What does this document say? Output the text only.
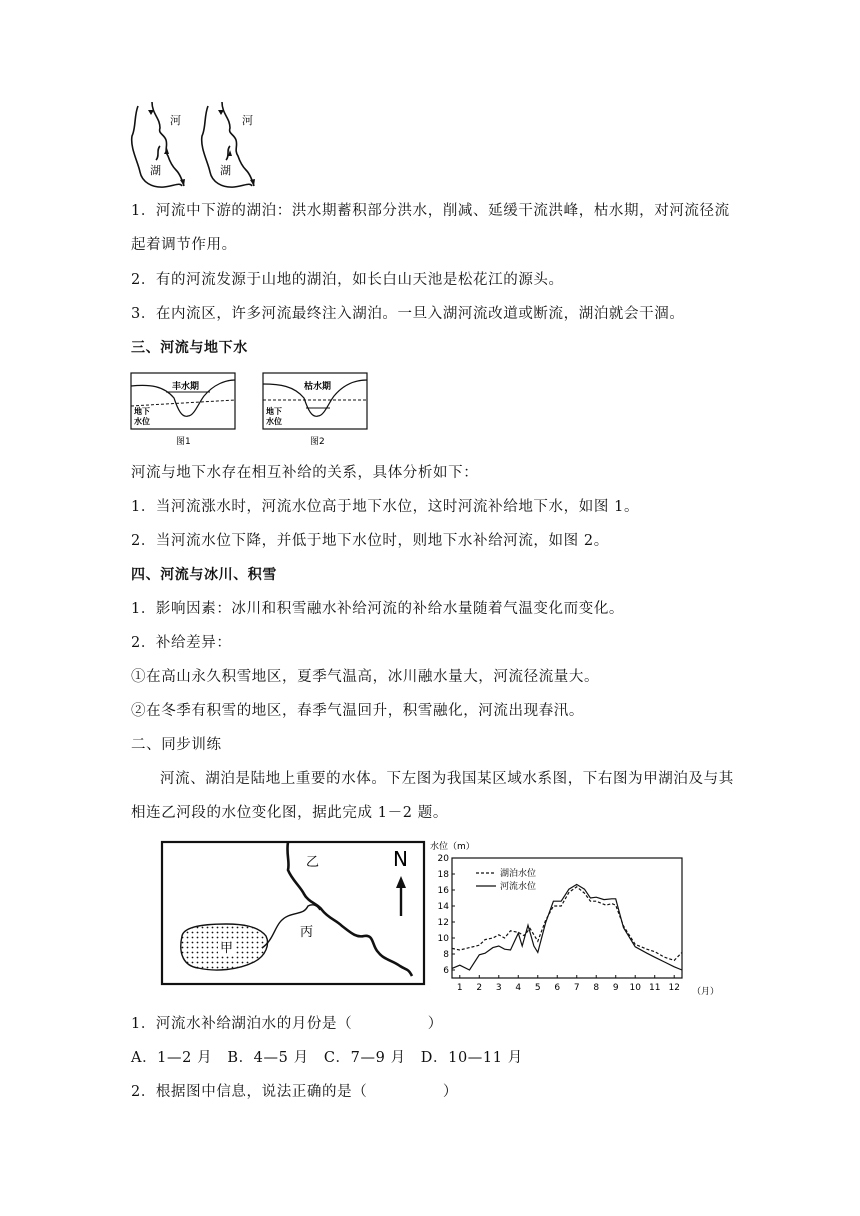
河	河
湖	湖
1．河流中下游的湖泊：洪水期蓄积部分洪水，削减、延缓干流洪峰，枯水期，对河流径流
起着调节作用。
2．有的河流发源于山地的湖泊，如长白山天池是松花江的源头。
3．在内流区，许多河流最终注入湖泊。一旦入湖河流改道或断流，湖泊就会干涸。
三、河流与地下水
丰水期
地下
水位
图1
枯水期
地下
水位
图2
河流与地下水存在相互补给的关系，具体分析如下：
1．当河流涨水时，河流水位高于地下水位，这时河流补给地下水，如图 1。
2．当河流水位下降，并低于地下水位时，则地下水补给河流，如图 2。
四、河流与冰川、积雪
1．影响因素：冰川和积雪融水补给河流的补给水量随着气温变化而变化。
2．补给差异：
①在高山永久积雪地区，夏季气温高，冰川融水量大，河流径流量大。
②在冬季有积雪的地区，春季气温回升，积雪融化，河流出现春汛。
二、同步训练
河流、湖泊是陆地上重要的水体。下左图为我国某区域水系图，下右图为甲湖泊及与其
相连乙河段的水位变化图，据此完成 1－2 题。
甲
乙
丙
N 水位（m）
（月）
20
18
16
14
12
10
8
6
1 2 3 4 5 6 7 8 9 10 11 12
湖泊水位
河流水位
1．河流水补给湖泊水的月份是（　　　　　）
A．1—2 月　B．4—5 月　C．7—9 月　D．10—11 月
2．根据图中信息，说法正确的是（　　　　　）
